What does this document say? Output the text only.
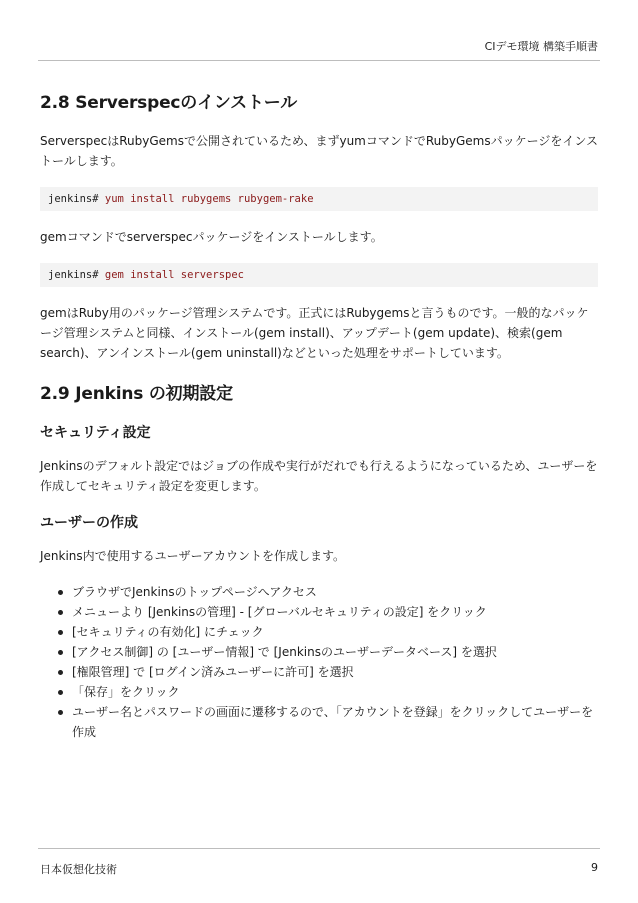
CIデモ環境 構築手順書
2.8 Serverspecのインストール

ServerspecはRubyGemsで公開されているため、まずyumコマンドでRubyGemsパッケージをインストールします。

jenkins# yum install rubygems rubygem-rake

gemコマンドでserverspecパッケージをインストールします。

jenkins# gem install serverspec

gemはRuby用のパッケージ管理システムです。正式にはRubygemsと言うものです。一般的なパッケージ管理システムと同様、インストール(gem install)、アップデート(gem update)、検索(gem search)、アンインストール(gem uninstall)などといった処理をサポートしています。

2.9 Jenkins の初期設定
セキュリティ設定

Jenkinsのデフォルト設定ではジョブの作成や実行がだれでも行えるようになっているため、ユーザーを作成してセキュリティ設定を変更します。

ユーザーの作成

Jenkins内で使用するユーザーアカウントを作成します。

ブラウザでJenkinsのトップページへアクセス
メニューより [Jenkinsの管理] - [グローバルセキュリティの設定] をクリック
[セキュリティの有効化] にチェック
[アクセス制御] の [ユーザー情報] で [Jenkinsのユーザーデータベース] を選択
[権限管理] で [ログイン済みユーザーに許可] を選択
「保存」をクリック
ユーザー名とパスワードの画面に遷移するので、「アカウントを登録」をクリックしてユーザーを作成
日本仮想化技術	9
